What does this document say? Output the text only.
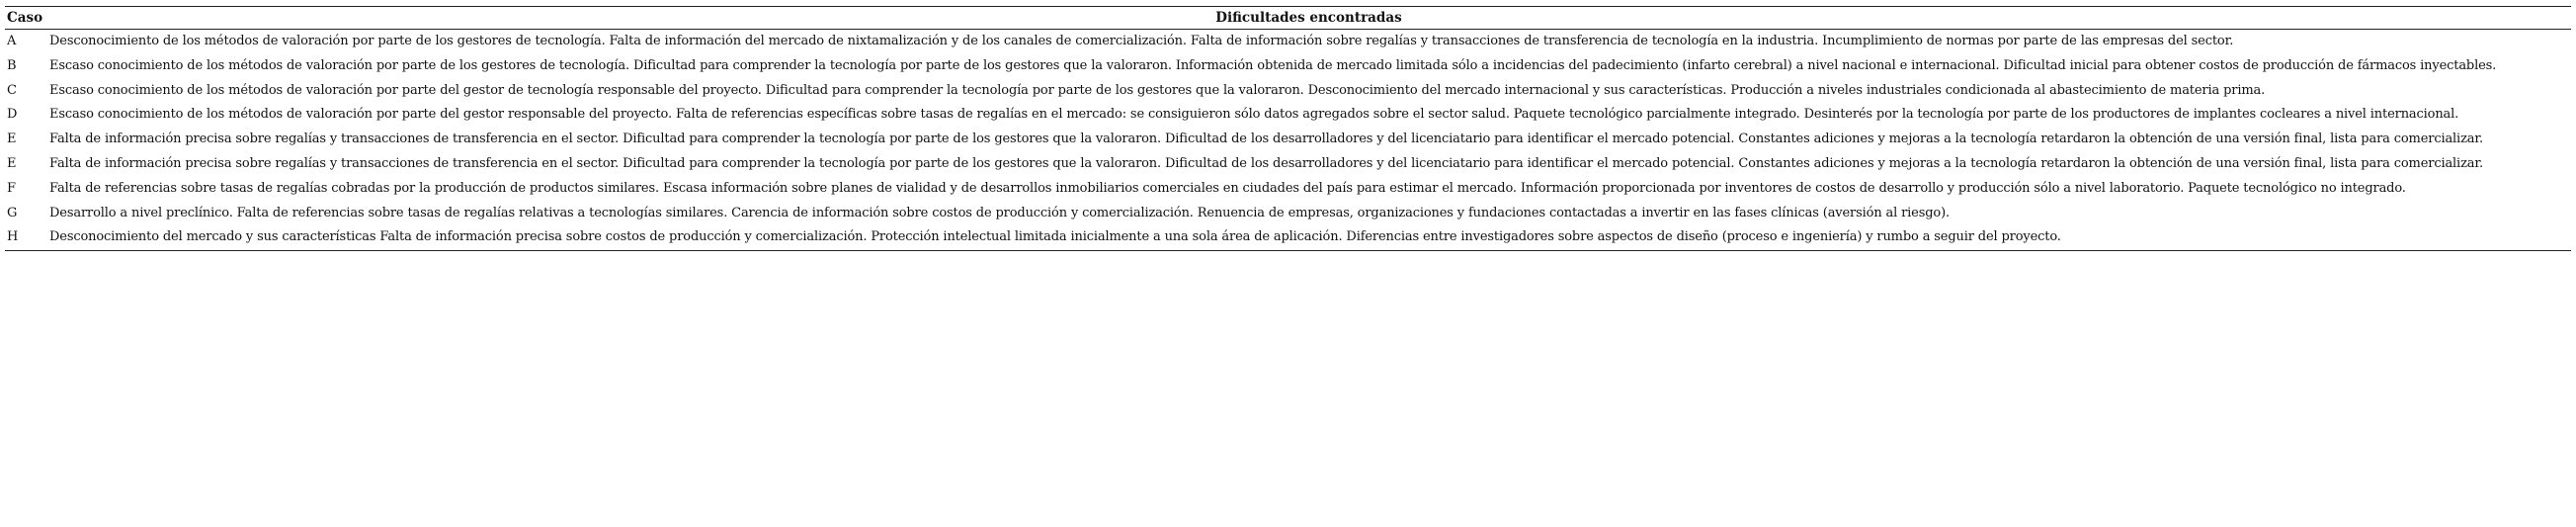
Caso	Dificultades encontradas
A	Desconocimiento de los métodos de valoración por parte de los gestores de tecnología. Falta de información del mercado de nixtamalización y de los canales de comercialización. Falta de información sobre regalías y transacciones de transferencia de tecnología en la industria. Incumplimiento de normas por parte de las empresas del sector.
B	Escaso conocimiento de los métodos de valoración por parte de los gestores de tecnología. Dificultad para comprender la tecnología por parte de los gestores que la valoraron. Información obtenida de mercado limitada sólo a incidencias del padecimiento (infarto cerebral) a nivel nacional e internacional. Dificultad inicial para obtener costos de producción de fármacos inyectables.
C	Escaso conocimiento de los métodos de valoración por parte del gestor de tecnología responsable del proyecto. Dificultad para comprender la tecnología por parte de los gestores que la valoraron. Desconocimiento del mercado internacional y sus características. Producción a niveles industriales condicionada al abastecimiento de materia prima.
D	Escaso conocimiento de los métodos de valoración por parte del gestor responsable del proyecto. Falta de referencias específicas sobre tasas de regalías en el mercado: se consiguieron sólo datos agregados sobre el sector salud. Paquete tecnológico parcialmente integrado. Desinterés por la tecnología por parte de los productores de implantes cocleares a nivel internacional.
E	Falta de información precisa sobre regalías y transacciones de transferencia en el sector. Dificultad para comprender la tecnología por parte de los gestores que la valoraron. Dificultad de los desarrolladores y del licenciatario para identificar el mercado potencial. Constantes adiciones y mejoras a la tecnología retardaron la obtención de una versión final, lista para comercializar.
E	Falta de información precisa sobre regalías y transacciones de transferencia en el sector. Dificultad para comprender la tecnología por parte de los gestores que la valoraron. Dificultad de los desarrolladores y del licenciatario para identificar el mercado potencial. Constantes adiciones y mejoras a la tecnología retardaron la obtención de una versión final, lista para comercializar.
F	Falta de referencias sobre tasas de regalías cobradas por la producción de productos similares. Escasa información sobre planes de vialidad y de desarrollos inmobiliarios comerciales en ciudades del país para estimar el mercado. Información proporcionada por inventores de costos de desarrollo y producción sólo a nivel laboratorio. Paquete tecnológico no integrado.
G	Desarrollo a nivel preclínico. Falta de referencias sobre tasas de regalías relativas a tecnologías similares. Carencia de información sobre costos de producción y comercialización. Renuencia de empresas, organizaciones y fundaciones contactadas a invertir en las fases clínicas (aversión al riesgo).
H	Desconocimiento del mercado y sus características Falta de información precisa sobre costos de producción y comercialización. Protección intelectual limitada inicialmente a una sola área de aplicación. Diferencias entre investigadores sobre aspectos de diseño (proceso e ingeniería) y rumbo a seguir del proyecto.
